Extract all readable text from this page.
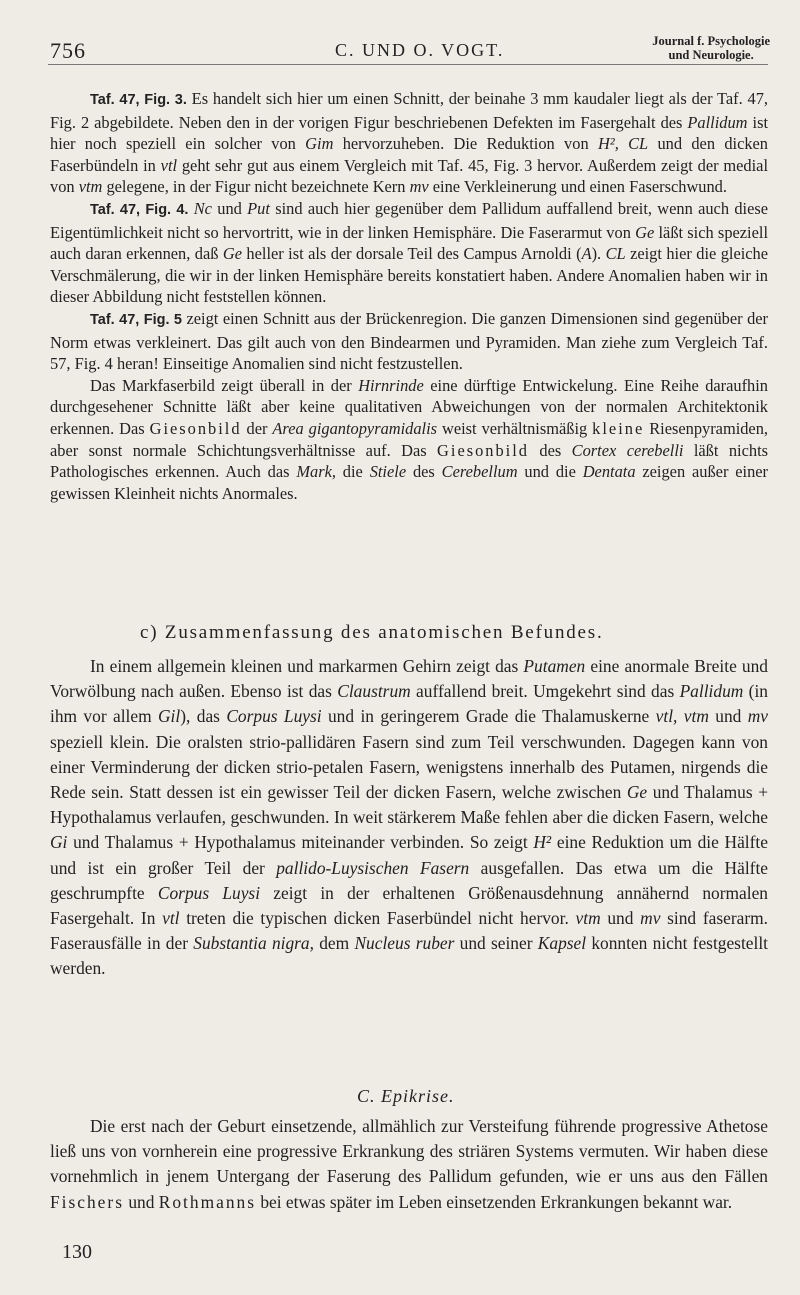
756	C. UND O. VOGT.	Journal f. Psychologie
und Neurologie.

Taf. 47, Fig. 3. Es handelt sich hier um einen Schnitt, der beinahe 3 mm kaudaler liegt als der Taf. 47, Fig. 2 abgebildete. Neben den in der vorigen Figur beschriebenen Defekten im Fasergehalt des Pallidum ist hier noch speziell ein solcher von Gim hervorzuheben. Die Reduktion von H², CL und den dicken Faserbündeln in vtl geht sehr gut aus einem Vergleich mit Taf. 45, Fig. 3 hervor. Außerdem zeigt der medial von vtm gelegene, in der Figur nicht bezeichnete Kern mv eine Verkleinerung und einen Faserschwund.

Taf. 47, Fig. 4. Nc und Put sind auch hier gegenüber dem Pallidum auffallend breit, wenn auch diese Eigentümlichkeit nicht so hervortritt, wie in der linken Hemisphäre. Die Faserarmut von Ge läßt sich speziell auch daran erkennen, daß Ge heller ist als der dorsale Teil des Campus Arnoldi (A). CL zeigt hier die gleiche Verschmälerung, die wir in der linken Hemisphäre bereits konstatiert haben. Andere Anomalien haben wir in dieser Abbildung nicht feststellen können.

Taf. 47, Fig. 5 zeigt einen Schnitt aus der Brückenregion. Die ganzen Dimensionen sind gegenüber der Norm etwas verkleinert. Das gilt auch von den Bindearmen und Pyramiden. Man ziehe zum Vergleich Taf. 57, Fig. 4 heran! Einseitige Anomalien sind nicht festzustellen.

Das Markfaserbild zeigt überall in der Hirnrinde eine dürftige Entwickelung. Eine Reihe daraufhin durchgesehener Schnitte läßt aber keine qualitativen Abweichungen von der normalen Architektonik erkennen. Das Giesonbild der Area gigantopyramidalis weist verhältnismäßig kleine Riesenpyramiden, aber sonst normale Schichtungsverhältnisse auf. Das Giesonbild des Cortex cerebelli läßt nichts Pathologisches erkennen. Auch das Mark, die Stiele des Cerebellum und die Dentata zeigen außer einer gewissen Kleinheit nichts Anormales.

c) Zusammenfassung des anatomischen Befundes.

In einem allgemein kleinen und markarmen Gehirn zeigt das Putamen eine anormale Breite und Vorwölbung nach außen. Ebenso ist das Claustrum auffallend breit. Umgekehrt sind das Pallidum (in ihm vor allem Gil), das Corpus Luysi und in geringerem Grade die Thalamuskerne vtl, vtm und mv speziell klein. Die oralsten strio-pallidären Fasern sind zum Teil verschwunden. Dagegen kann von einer Verminderung der dicken strio-petalen Fasern, wenigstens innerhalb des Putamen, nirgends die Rede sein. Statt dessen ist ein gewisser Teil der dicken Fasern, welche zwischen Ge und Thalamus + Hypothalamus verlaufen, geschwunden. In weit stärkerem Maße fehlen aber die dicken Fasern, welche Gi und Thalamus + Hypothalamus miteinander verbinden. So zeigt H² eine Reduktion um die Hälfte und ist ein großer Teil der pallido-Luysischen Fasern ausgefallen. Das etwa um die Hälfte geschrumpfte Corpus Luysi zeigt in der erhaltenen Größenausdehnung annähernd normalen Fasergehalt. In vtl treten die typischen dicken Faserbündel nicht hervor. vtm und mv sind faserarm. Faserausfälle in der Substantia nigra, dem Nucleus ruber und seiner Kapsel konnten nicht festgestellt werden.

C. Epikrise.

Die erst nach der Geburt einsetzende, allmählich zur Versteifung führende progressive Athetose ließ uns von vornherein eine progressive Erkrankung des striären Systems vermuten. Wir haben diese vornehmlich in jenem Untergang der Faserung des Pallidum gefunden, wie er uns aus den Fällen Fischers und Rothmanns bei etwas später im Leben einsetzenden Erkrankungen bekannt war.

130
